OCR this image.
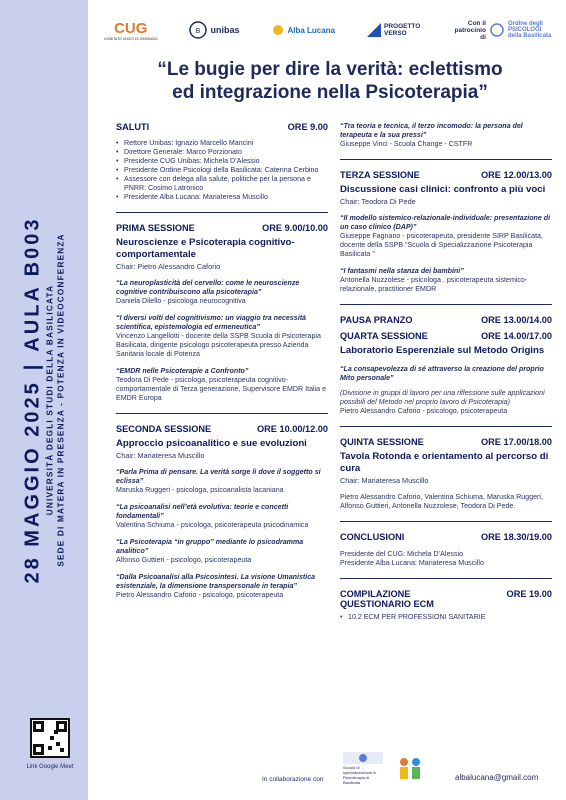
28 MAGGIO 2025
|
AULA B003
UNIVERSITÀ DEGLI STUDI DELLA BASILICATA SEDE DI MATERA IN PRESENZA - POTENZA IN VIDEOCONFERENZA
Link Google Meet
CUG
COMITATO UNICO DI GARANZIA
B unibas	Alba Lucana	PROGETTO VERSO
Con il patrocinio di
Ordine degli PSICOLOGI della Basilicata
“Le bugie per dire la verità: eclettismo
ed integrazione nella Psicoterapia”
SALUTI	ORE 9.00
• Rettore Unibas: Ignazio Marcello Mancini
• Direttore Generale: Marco Porzionato
• Presidente CUG Unibas: Michela D’Alessio
• Presidente Ordine Psicologi della Basilicata: Caterina Cerbino
• Assessore con delega alla salute, politiche per la persona e PNRR: Cosimo Latronico
• Presidente Alba Lucana: Mariateresa Muscillo
PRIMA SESSIONE	ORE 9.00/10.00
Neuroscienze e Psicoterapia cognitivo-comportamentale
Chair: Pietro Alessandro Caforio
“La neuroplasticità del cervello: come le neuroscienze cognitive contribuiscono alla psicoterapia”
Daniela Dilello - psicologa neurocognitiva
“I diversi volti del cognitivismo: un viaggio tra necessità scientifica, epistemologia ed ermeneutica”
Vincenzo Langellotti - docente della SSPB Scuola di Psicoterapia Basilicata, dirigente psicologo psicoterapeuta presso Azienda Sanitaria locale di Potenza
“EMDR nelle Psicoterapie a Confronto”
Teodora Di Pede - psicologa, psicoterapeuta cognitivo-comportamentale di Terza generazione, Supervisore EMDR Italia e EMDR Europa
SECONDA SESSIONE	ORE 10.00/12.00
Approccio psicoanalitico e sue evoluzioni
Chair: Mariateresa Muscillo
“Parla Prima di pensare. La verità sorge lì dove il soggetto si eclissa”
Maruska Ruggeri - psicologa, psicoanalista lacaniana
“La psicoanalisi nell’età evolutiva: teorie e concetti fondamentali”
Valentina Schiuma - psicologa, psicoterapeuta psicodinamica
“La Psicoterapia “in gruppo” mediante lo psicodramma analitico”
Alfonso Guttieri - psicologo, psicoterapeuta
“Dalla Psicoanalisi alla Psicosintesi. La visione Umanistica esistenziale, la dimensione transpersonale in terapia”
Pietro Alessandro Caforio - psicologo, psicoterapeuta
“Tra teoria e tecnica, il terzo incomodo: la persona del terapeuta e la sua pressi”
Giuseppe Vinci - Scuola Change - CSTFR
TERZA SESSIONE	ORE 12.00/13.00
Discussione casi clinici: confronto a più voci
Chair: Teodora Di Pede
“Il modello sistemico-relazionale-individuale: presentazione di un caso clinico (DAP)”
Giuseppe Fagnano - psicoterapeuta, presidente SIRP Basilicata, docente della SSPB “Scuola di Specializzazione Psicoterapia Basilicata ”
“I fantasmi nella stanza dei bambini”
Antonella Nuzzolese - psicologa , psicoterapeuta sistemico-relazionale, practitioner EMDR
PAUSA PRANZO	ORE 13.00/14.00
QUARTA SESSIONE	ORE 14.00/17.00
Laboratorio Esperenziale sul Metodo Origins
“La consapevolezza di sé attraverso la creazione del proprio Mito personale”
(Divisione in gruppi di lavoro per una riflessione sulle applicazioni possibili del Metodo nel proprio lavoro di Psicoterapia)
Pietro Alessandro Caforio - psicologo, psicoterapeuta
QUINTA SESSIONE	ORE 17.00/18.00
Tavola Rotonda e orientamento al percorso di cura
Chair: Mariateresa Muscillo
Pietro Alessandro Caforio, Valentina Schiuma, Maruska Ruggeri, Alfonso Guttieri, Antonella Nuzzolese, Teodora Di Pede.
CONCLUSIONI	ORE 18.30/19.00
Presidente del CUG: Michela D’Alessio
Presidente Alba Lucana: Mariateresa Muscillo
COMPILAZIONE QUESTIONARIO ECM
ORE 19.00
• 10.2 ECM PER PROFESSIONI SANITARIE
In collaborazione con
Scuola di specializzazione in Psicoterapia di Basilicata
albalucana@gmail.com
